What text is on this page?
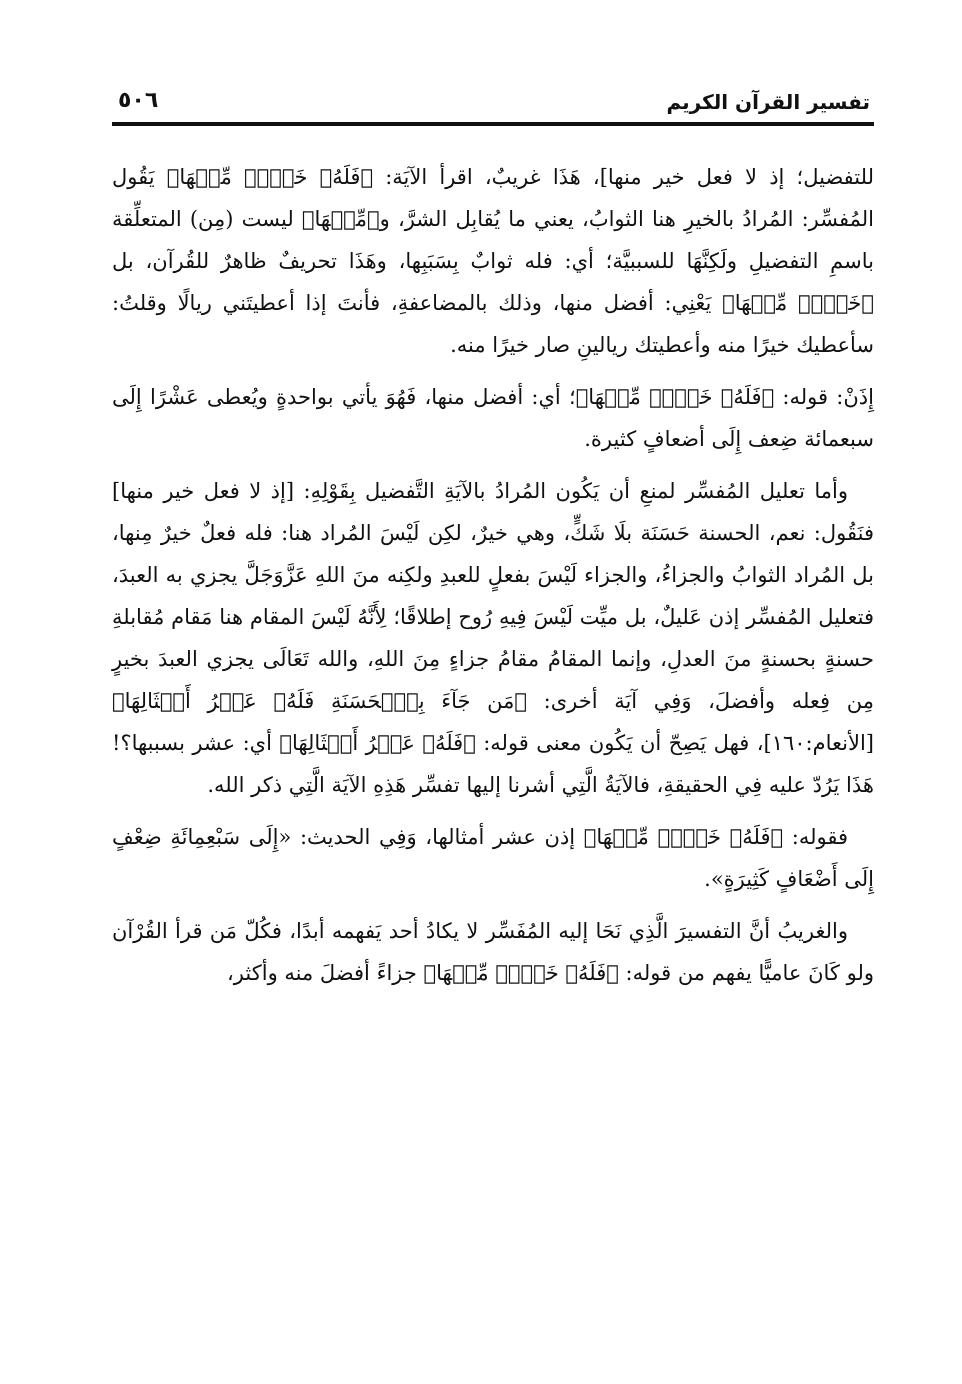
تفسير القرآن الكريم
٥٠٦

للتفضيل؛ إذ لا فعل خير منها]، هَذَا غريبٌ، اقرأ الآيَة: ﴿فَلَهُۥ خَيۡرٞ مِّنۡهَا﴾ يَقُول المُفسِّر: المُرادُ بالخيرِ هنا الثوابُ، يعني ما يُقابِل الشرَّ، و﴿مِّنۡهَا﴾ ليست (مِن) المتعلِّقة باسمِ التفضيلِ ولَكِنَّهَا للسببيَّة؛ أي: فله ثوابٌ بِسَبَبِها، وهَذَا تحريفٌ ظاهرٌ للقُرآن، بل ﴿خَيۡرٞ مِّنۡهَا﴾ يَعْنِي: أفضل منها، وذلك بالمضاعفةِ، فأنتَ إذا أعطيتَني ريالًا وقلتُ: سأعطيك خيرًا منه وأعطيتك ريالينِ صار خيرًا منه.

إِذَنْ: قوله: ﴿فَلَهُۥ خَيۡرٞ مِّنۡهَا﴾؛ أي: أفضل منها، فَهُوَ يأتي بواحدةٍ ويُعطى عَشْرًا إِلَى سبعمائة ضِعف إِلَى أضعافٍ كثيرة.

وأما تعليل المُفسِّر لمنعِ أن يَكُون المُرادُ بالآيَةِ التَّفضيل بِقَوْلِهِ: [إذ لا فعل خير منها] فنَقُول: نعم، الحسنة حَسَنَة بلَا شَكٍّ، وهي خيرٌ، لكِن لَيْسَ المُراد هنا: فله فعلٌ خيرٌ مِنها، بل المُراد الثوابُ والجزاءُ، والجزاء لَيْسَ بفعلٍ للعبدِ ولكِنه منَ اللهِ عَزَّوَجَلَّ يجزي به العبدَ، فتعليل المُفسِّر إذن عَليلٌ، بل ميِّت لَيْسَ فِيهِ رُوح إطلاقًا؛ لِأَنَّهُ لَيْسَ المقام هنا مَقام مُقابلةِ حسنةٍ بحسنةٍ منَ العدلِ، وإنما المقامُ مقامُ جزاءٍ مِنَ اللهِ، والله تَعَالَى يجزي العبدَ بخيرٍ مِن فِعله وأفضلَ، وَفِي آيَة أخرى: ﴿مَن جَآءَ بِٱلۡحَسَنَةِ فَلَهُۥ عَشۡرُ أَمۡثَالِهَا﴾ [الأنعام:١٦٠]، فهل يَصِحّ أن يَكُون معنى قوله: ﴿فَلَهُۥ عَشۡرُ أَمۡثَالِهَا﴾ أي: عشر بسببها؟! هَذَا يَرُدّ عليه فِي الحقيقةِ، فالآيَةُ الَّتِي أشرنا إليها تفسِّر هَذِهِ الآيَة الَّتِي ذكر الله.

فقوله: ﴿فَلَهُۥ خَيۡرٞ مِّنۡهَا﴾ إذن عشر أمثالها، وَفِي الحديث: «إِلَى سَبْعِمِائَةِ ضِعْفٍ إِلَى أَضْعَافٍ كَثِيرَةٍ».

والغريبُ أنَّ التفسيرَ الَّذِي نَحَا إليه المُفَسِّر لا يكادُ أحد يَفهمه أبدًا، فكُلّ مَن قرأ القُرْآن ولو كَانَ عاميًّا يفهم من قوله: ﴿فَلَهُۥ خَيۡرٞ مِّنۡهَا﴾ جزاءً أفضلَ منه وأكثر،
